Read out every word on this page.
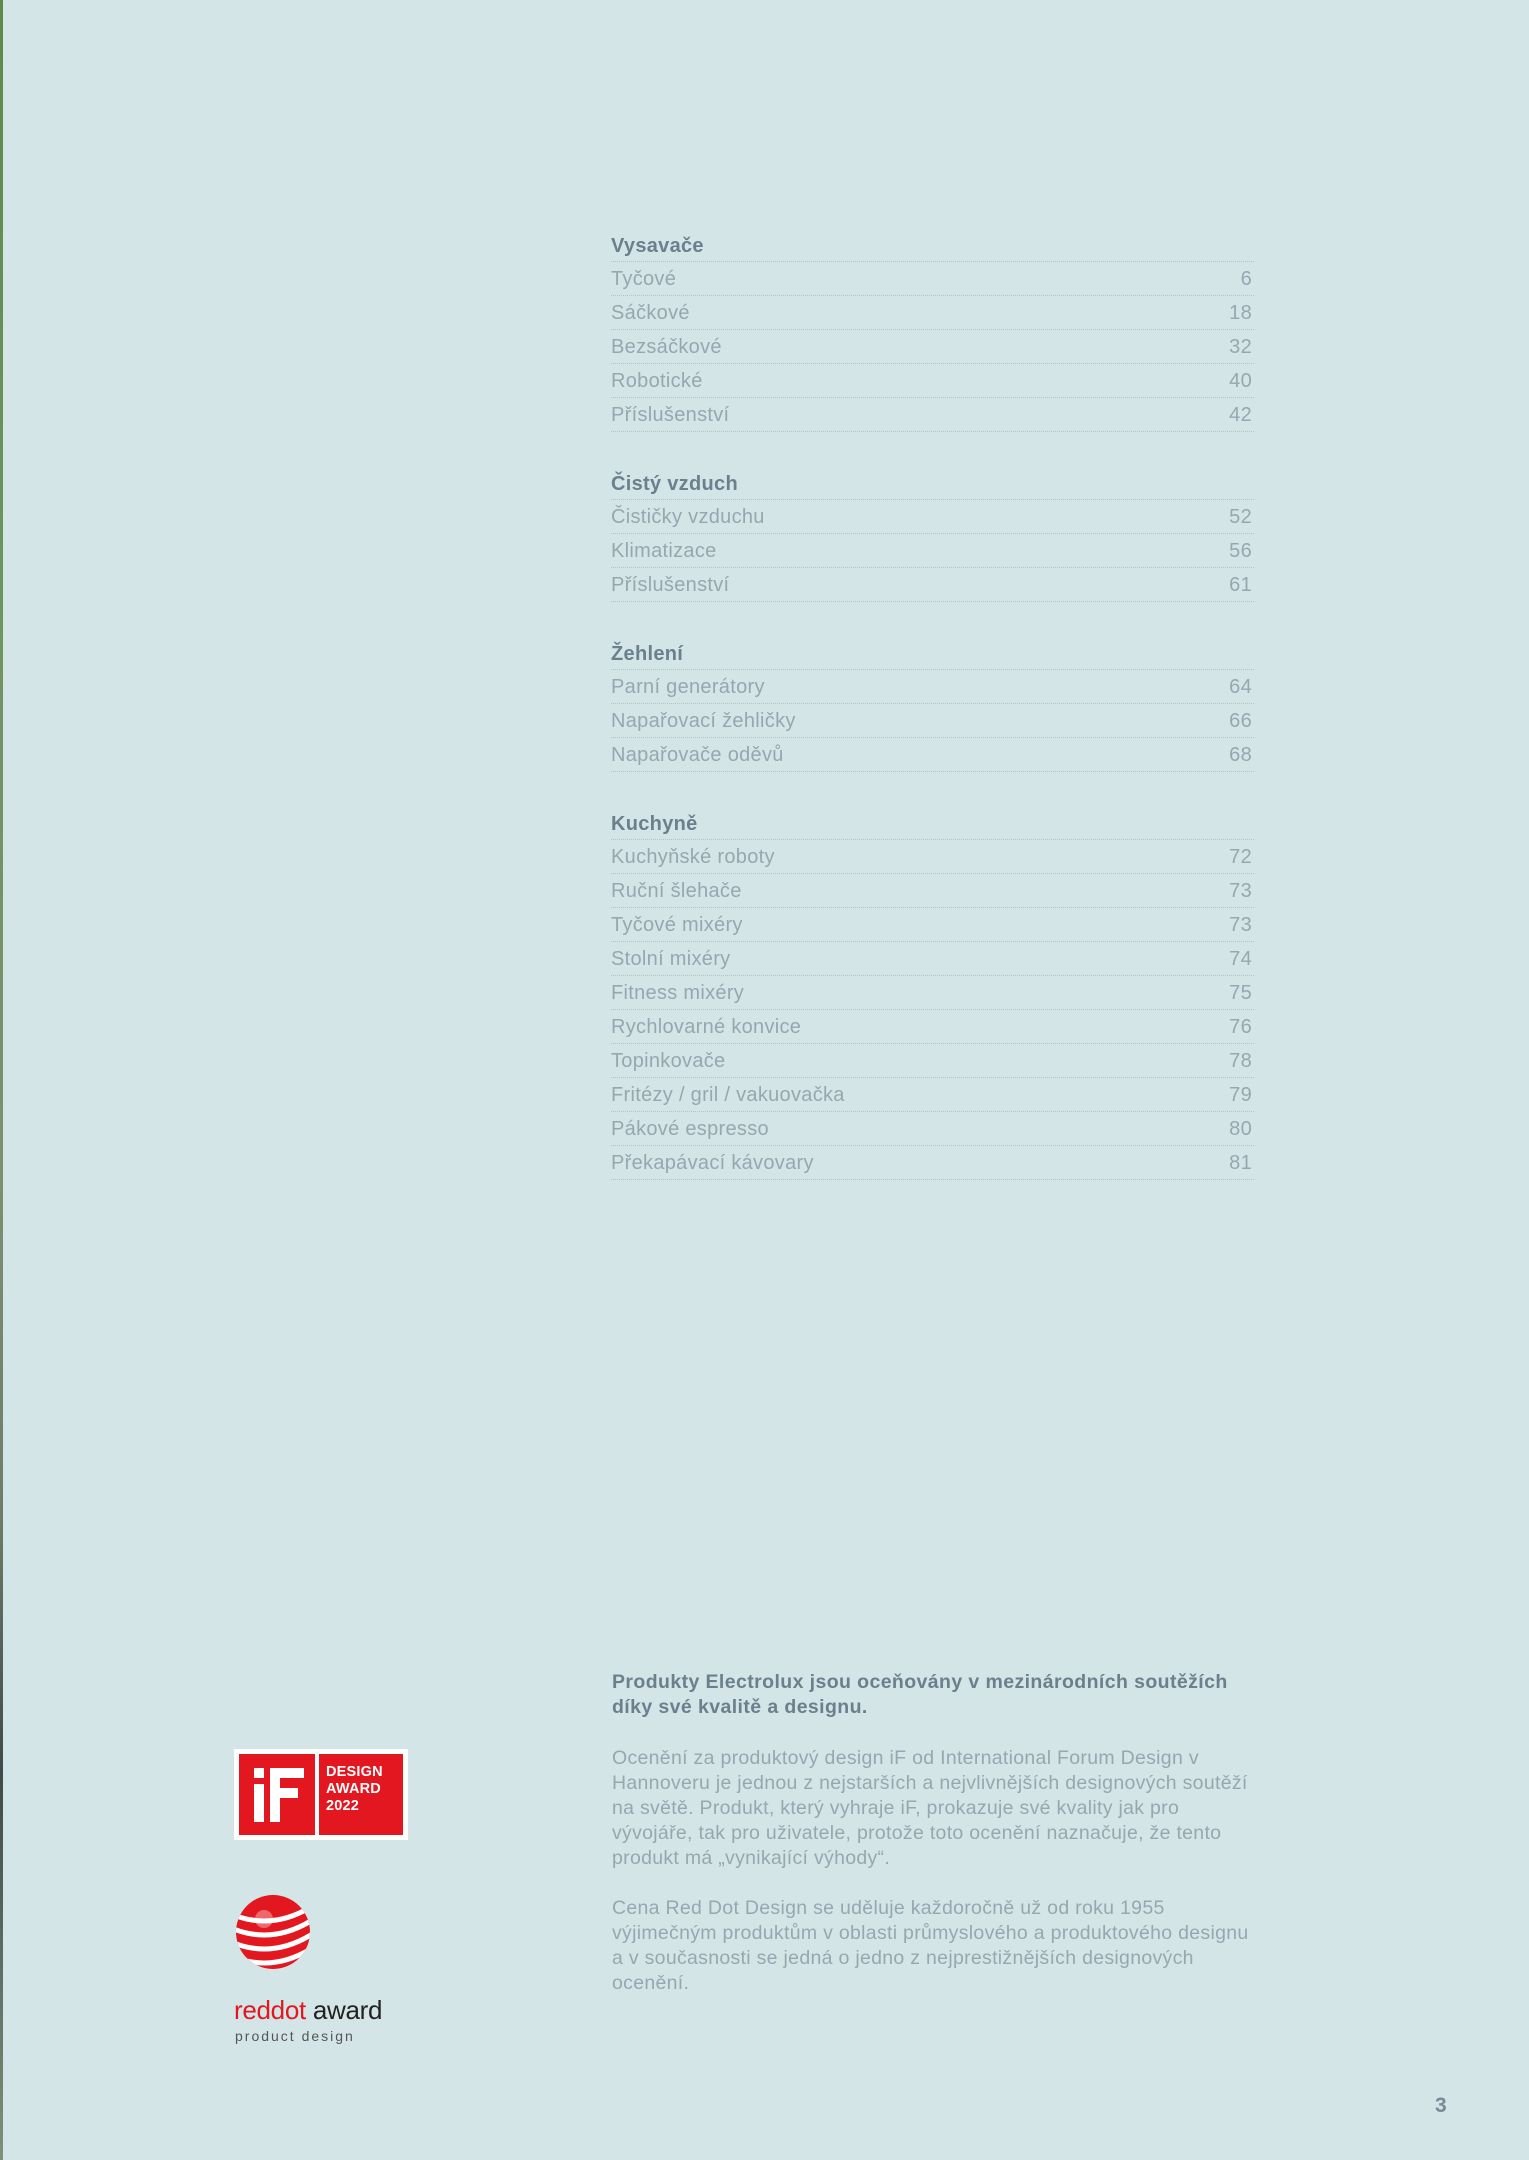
Vysavače
Tyčové	6
Sáčkové	18
Bezsáčkové	32
Robotické	40
Příslušenství	42
Čistý vzduch
Čističky vzduchu	52
Klimatizace	56
Příslušenství	61
Žehlení
Parní generátory	64
Napařovací žehličky	66
Napařovače oděvů	68
Kuchyně
Kuchyňské roboty	72
Ruční šlehače	73
Tyčové mixéry	73
Stolní mixéry	74
Fitness mixéry	75
Rychlovarné konvice	76
Topinkovače	78
Fritézy / gril / vakuovačka	79
Pákové espresso	80
Překapávací kávovary	81

Produkty Electrolux jsou oceňovány v mezinárodních soutěžích díky své kvalitě a designu.

Ocenění za produktový design iF od International Forum Design v Hannoveru je jednou z nejstarších a nejvlivnějších designových soutěží na světě. Produkt, který vyhraje iF, prokazuje své kvality jak pro vývojáře, tak pro uživatele, protože toto ocenění naznačuje, že tento produkt má „vynikající výhody“.

Cena Red Dot Design se uděluje každoročně už od roku 1955 výjimečným produktům v oblasti průmyslového a produktového designu a v současnosti se jedná o jedno z nejprestižnějších designových ocenění.

DESIGN
AWARD
2022
reddot award
product design
3
